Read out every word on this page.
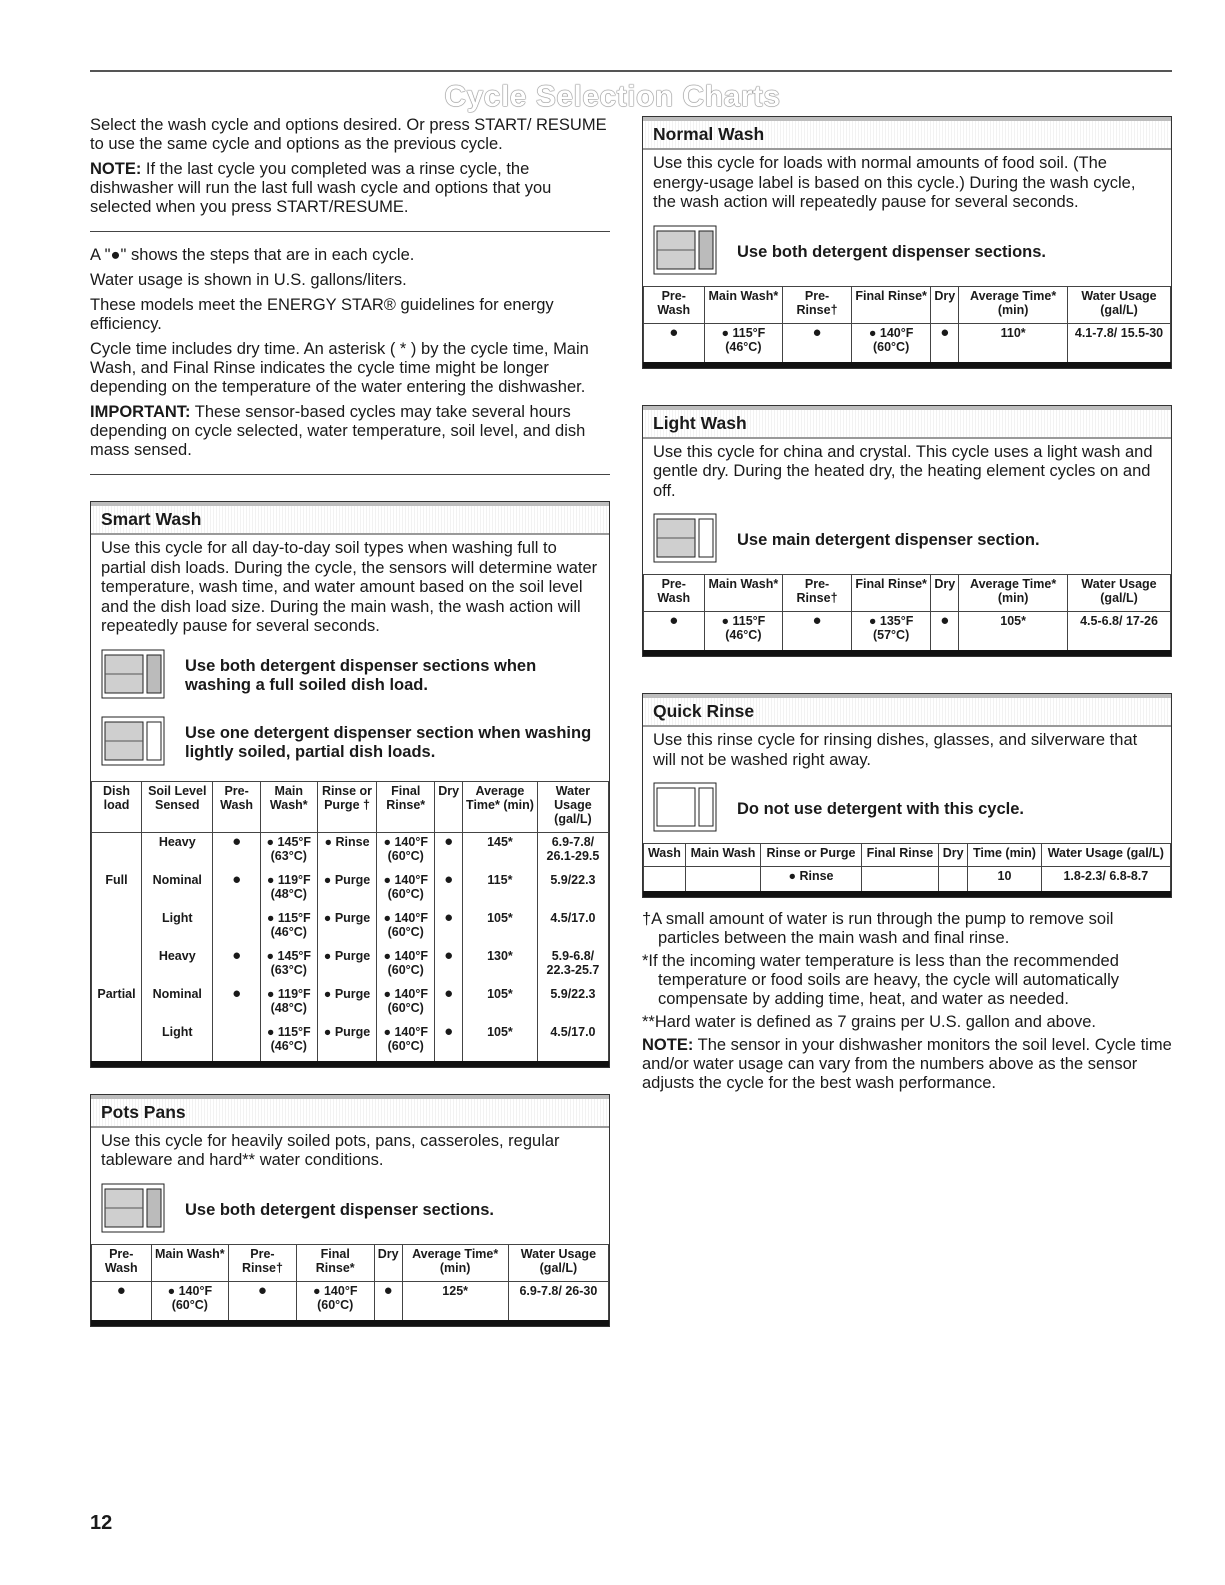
Cycle Selection Charts

Select the wash cycle and options desired. Or press START/ RESUME to use the same cycle and options as the previous cycle.

NOTE: If the last cycle you completed was a rinse cycle, the dishwasher will run the last full wash cycle and options that you selected when you press START/RESUME.

A "●" shows the steps that are in each cycle.

Water usage is shown in U.S. gallons/liters.

These models meet the ENERGY STAR® guidelines for energy efficiency.

Cycle time includes dry time. An asterisk ( * ) by the cycle time, Main Wash, and Final Rinse indicates the cycle time might be longer depending on the temperature of the water entering the dishwasher.

IMPORTANT: These sensor-based cycles may take several hours depending on cycle selected, water temperature, soil level, and dish mass sensed.

Smart Wash
Use this cycle for all day-to-day soil types when washing full to partial dish loads. During the cycle, the sensors will determine water temperature, wash time, and water amount based on the soil level and the dish load size. During the main wash, the wash action will repeatedly pause for several seconds.
Use both detergent dispenser sections when washing a full soiled dish load.
Use one detergent dispenser section when washing lightly soiled, partial dish loads.
Dish load	Soil Level Sensed	Pre- Wash	Main Wash*	Rinse or Purge †	Final Rinse*	Dry	Average Time* (min)	Water Usage (gal/L)
	Heavy	●	● 145°F (63°C)	● Rinse	● 140°F (60°C)	●	145*	6.9-7.8/ 26.1-29.5
Full	Nominal	●	● 119°F (48°C)	● Purge	● 140°F (60°C)	●	115*	5.9/22.3
	Light		● 115°F (46°C)	● Purge	● 140°F (60°C)	●	105*	4.5/17.0
	Heavy	●	● 145°F (63°C)	● Purge	● 140°F (60°C)	●	130*	5.9-6.8/ 22.3-25.7
Partial	Nominal	●	● 119°F (48°C)	● Purge	● 140°F (60°C)	●	105*	5.9/22.3
	Light		● 115°F (46°C)	● Purge	● 140°F (60°C)	●	105*	4.5/17.0
Pots Pans
Use this cycle for heavily soiled pots, pans, casseroles, regular tableware and hard** water conditions.
Use both detergent dispenser sections.
Pre- Wash	Main Wash*	Pre- Rinse†	Final Rinse*	Dry	Average Time* (min)	Water Usage (gal/L)
●	● 140°F (60°C)	●	● 140°F (60°C)	●	125*	6.9-7.8/ 26-30
Normal Wash
Use this cycle for loads with normal amounts of food soil. (The energy-usage label is based on this cycle.) During the wash cycle, the wash action will repeatedly pause for several seconds.
Use both detergent dispenser sections.
Pre- Wash	Main Wash*	Pre- Rinse†	Final Rinse*	Dry	Average Time* (min)	Water Usage (gal/L)
●	● 115°F (46°C)	●	● 140°F (60°C)	●	110*	4.1-7.8/ 15.5-30
Light Wash
Use this cycle for china and crystal. This cycle uses a light wash and gentle dry. During the heated dry, the heating element cycles on and off.
Use main detergent dispenser section.
Pre- Wash	Main Wash*	Pre- Rinse†	Final Rinse*	Dry	Average Time* (min)	Water Usage (gal/L)
●	● 115°F (46°C)	●	● 135°F (57°C)	●	105*	4.5-6.8/ 17-26
Quick Rinse
Use this rinse cycle for rinsing dishes, glasses, and silverware that will not be washed right away.
Do not use detergent with this cycle.
Wash	Main Wash	Rinse or Purge	Final Rinse	Dry	Time (min)	Water Usage (gal/L)
		● Rinse			10	1.8-2.3/ 6.8-8.7

†A small amount of water is run through the pump to remove soil particles between the main wash and final rinse.

*If the incoming water temperature is less than the recommended temperature or food soils are heavy, the cycle will automatically compensate by adding time, heat, and water as needed.

**Hard water is defined as 7 grains per U.S. gallon and above.

NOTE: The sensor in your dishwasher monitors the soil level. Cycle time and/or water usage can vary from the numbers above as the sensor adjusts the cycle for the best wash performance.

12
